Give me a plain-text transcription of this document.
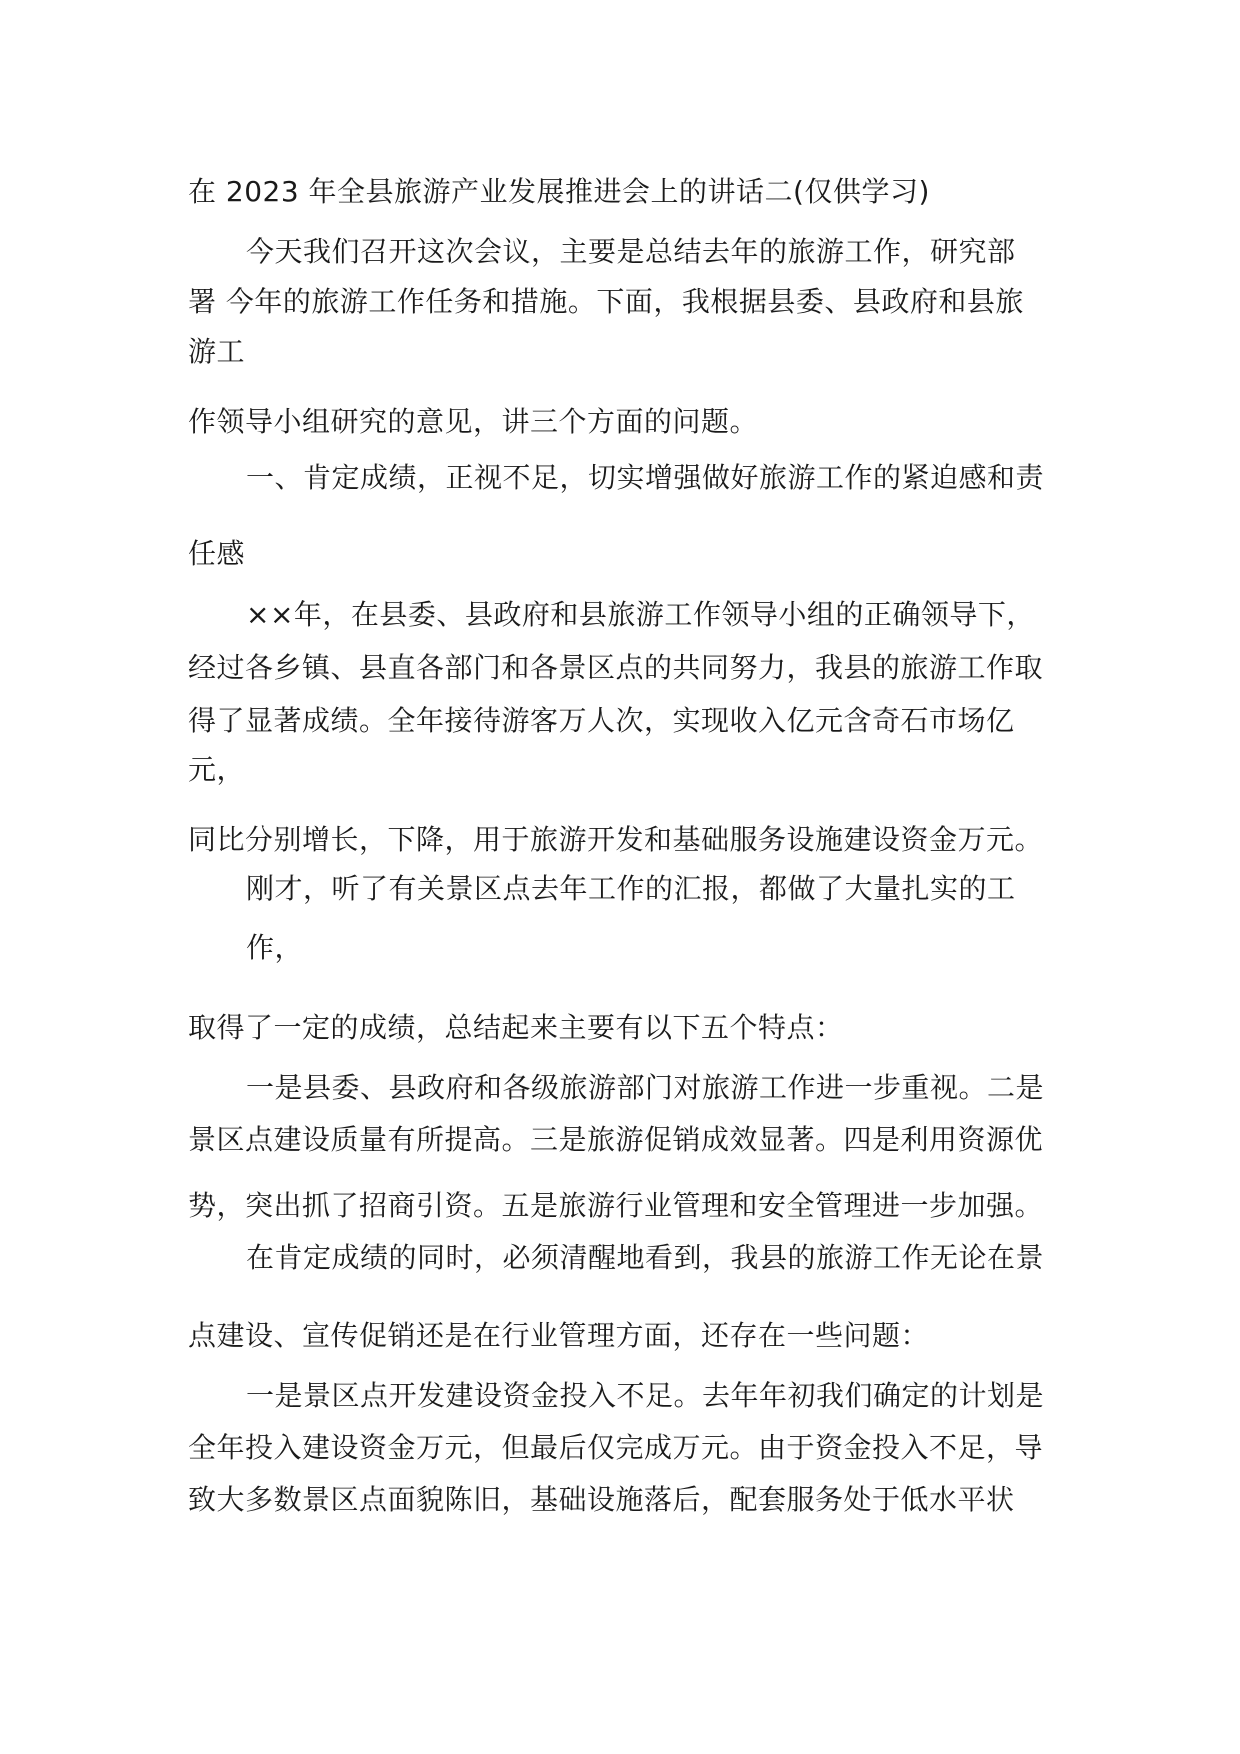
在 2023 年全县旅游产业发展推进会上的讲话二(仅供学习)
今天我们召开这次会议，主要是总结去年的旅游工作，研究部
署 今年的旅游工作任务和措施。下面，我根据县委、县政府和县旅
游工
作领导小组研究的意见，讲三个方面的问题。
一、肯定成绩，正视不足，切实增强做好旅游工作的紧迫感和责
任感
××年，在县委、县政府和县旅游工作领导小组的正确领导下，
经过各乡镇、县直各部门和各景区点的共同努力，我县的旅游工作取
得了显著成绩。全年接待游客万人次，实现收入亿元含奇石市场亿
元，
同比分别增长，下降，用于旅游开发和基础服务设施建设资金万元。
刚才，听了有关景区点去年工作的汇报，都做了大量扎实的工
作，
取得了一定的成绩，总结起来主要有以下五个特点：
一是县委、县政府和各级旅游部门对旅游工作进一步重视。二是
景区点建设质量有所提高。三是旅游促销成效显著。四是利用资源优
势，突出抓了招商引资。五是旅游行业管理和安全管理进一步加强。
在肯定成绩的同时，必须清醒地看到，我县的旅游工作无论在景
点建设、宣传促销还是在行业管理方面，还存在一些问题：
一是景区点开发建设资金投入不足。去年年初我们确定的计划是
全年投入建设资金万元，但最后仅完成万元。由于资金投入不足，导
致大多数景区点面貌陈旧，基础设施落后，配套服务处于低水平状
